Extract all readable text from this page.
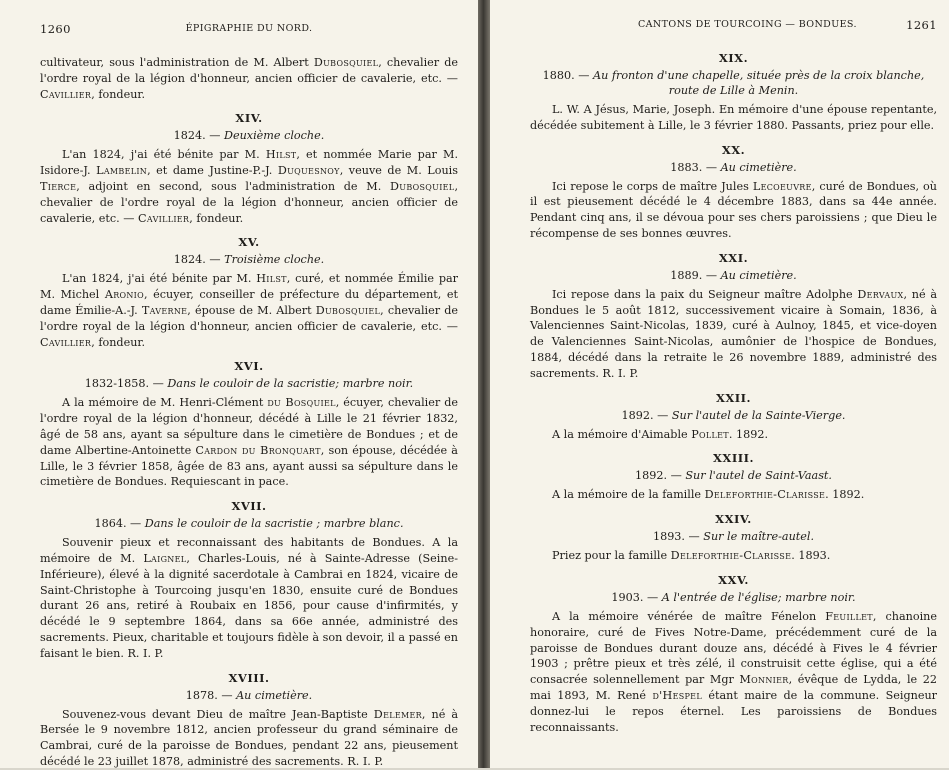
1260	ÉPIGRAPHIE DU NORD.

cultivateur, sous l'administration de M. Albert Dubosquiel, chevalier de l'ordre royal de la légion d'honneur, ancien officier de cavalerie, etc. — Cavillier, fondeur.

XIV.
1824. — Deuxième cloche.

L'an 1824, j'ai été bénite par M. Hilst, et nommée Marie par M. Isidore-J. Lambelin, et dame Justine-P.-J. Duquesnoy, veuve de M. Louis Tierce, adjoint en second, sous l'administration de M. Dubosquiel, chevalier de l'ordre royal de la légion d'honneur, ancien officier de cavalerie, etc. — Cavillier, fondeur.

XV.
1824. — Troisième cloche.

L'an 1824, j'ai été bénite par M. Hilst, curé, et nommée Émilie par M. Michel Aronio, écuyer, conseiller de préfecture du département, et dame Émilie-A.-J. Taverne, épouse de M. Albert Dubosquiel, chevalier de l'ordre royal de la légion d'honneur, ancien officier de cavalerie, etc. — Cavillier, fondeur.

XVI.
1832-1858. — Dans le couloir de la sacristie; marbre noir.

A la mémoire de M. Henri-Clément du Bosquiel, écuyer, chevalier de l'ordre royal de la légion d'honneur, décédé à Lille le 21 février 1832, âgé de 58 ans, ayant sa sépulture dans le cimetière de Bondues ; et de dame Albertine-Antoinette Cardon du Bronquart, son épouse, décédée à Lille, le 3 février 1858, âgée de 83 ans, ayant aussi sa sépulture dans le cimetière de Bondues. Requiescant in pace.

XVII.
1864. — Dans le couloir de la sacristie ; marbre blanc.

Souvenir pieux et reconnaissant des habitants de Bondues. A la mémoire de M. Laignel, Charles-Louis, né à Sainte-Adresse (Seine-Inférieure), élevé à la dignité sacerdotale à Cambrai en 1824, vicaire de Saint-Christophe à Tourcoing jusqu'en 1830, ensuite curé de Bondues durant 26 ans, retiré à Roubaix en 1856, pour cause d'infirmités, y décédé le 9 septembre 1864, dans sa 66e année, administré des sacrements. Pieux, charitable et toujours fidèle à son devoir, il a passé en faisant le bien. R. I. P.

XVIII.
1878. — Au cimetière.

Souvenez-vous devant Dieu de maître Jean-Baptiste Delemer, né à Bersée le 9 novembre 1812, ancien professeur du grand séminaire de Cambrai, curé de la paroisse de Bondues, pendant 22 ans, pieusement décédé le 23 juillet 1878, administré des sacrements. R. I. P.

CANTONS DE TOURCOING — BONDUES.	1261
XIX.
1880. — Au fronton d'une chapelle, située près de la croix blanche, route de Lille à Menin.

L. W. A Jésus, Marie, Joseph. En mémoire d'une épouse repentante, décédée subitement à Lille, le 3 février 1880. Passants, priez pour elle.

XX.
1883. — Au cimetière.

Ici repose le corps de maître Jules Lecoeuvre, curé de Bondues, où il est pieusement décédé le 4 décembre 1883, dans sa 44e année. Pendant cinq ans, il se dévoua pour ses chers paroissiens ; que Dieu le récompense de ses bonnes œuvres.

XXI.
1889. — Au cimetière.

Ici repose dans la paix du Seigneur maître Adolphe Dervaux, né à Bondues le 5 août 1812, successivement vicaire à Somain, 1836, à Valenciennes Saint-Nicolas, 1839, curé à Aulnoy, 1845, et vice-doyen de Valenciennes Saint-Nicolas, aumônier de l'hospice de Bondues, 1884, décédé dans la retraite le 26 novembre 1889, administré des sacrements. R. I. P.

XXII.
1892. — Sur l'autel de la Sainte-Vierge.

A la mémoire d'Aimable Pollet. 1892.

XXIII.
1892. — Sur l'autel de Saint-Vaast.

A la mémoire de la famille Deleforthie-Clarisse. 1892.

XXIV.
1893. — Sur le maître-autel.

Priez pour la famille Deleforthie-Clarisse. 1893.

XXV.
1903. — A l'entrée de l'église; marbre noir.

A la mémoire vénérée de maître Fénelon Feuillet, chanoine honoraire, curé de Fives Notre-Dame, précédemment curé de la paroisse de Bondues durant douze ans, décédé à Fives le 4 février 1903 ; prêtre pieux et très zélé, il construisit cette église, qui a été consacrée solennellement par Mgr Monnier, évêque de Lydda, le 22 mai 1893, M. René d'Hespel étant maire de la commune. Seigneur donnez-lui le repos éternel. Les paroissiens de Bondues reconnaissants.
